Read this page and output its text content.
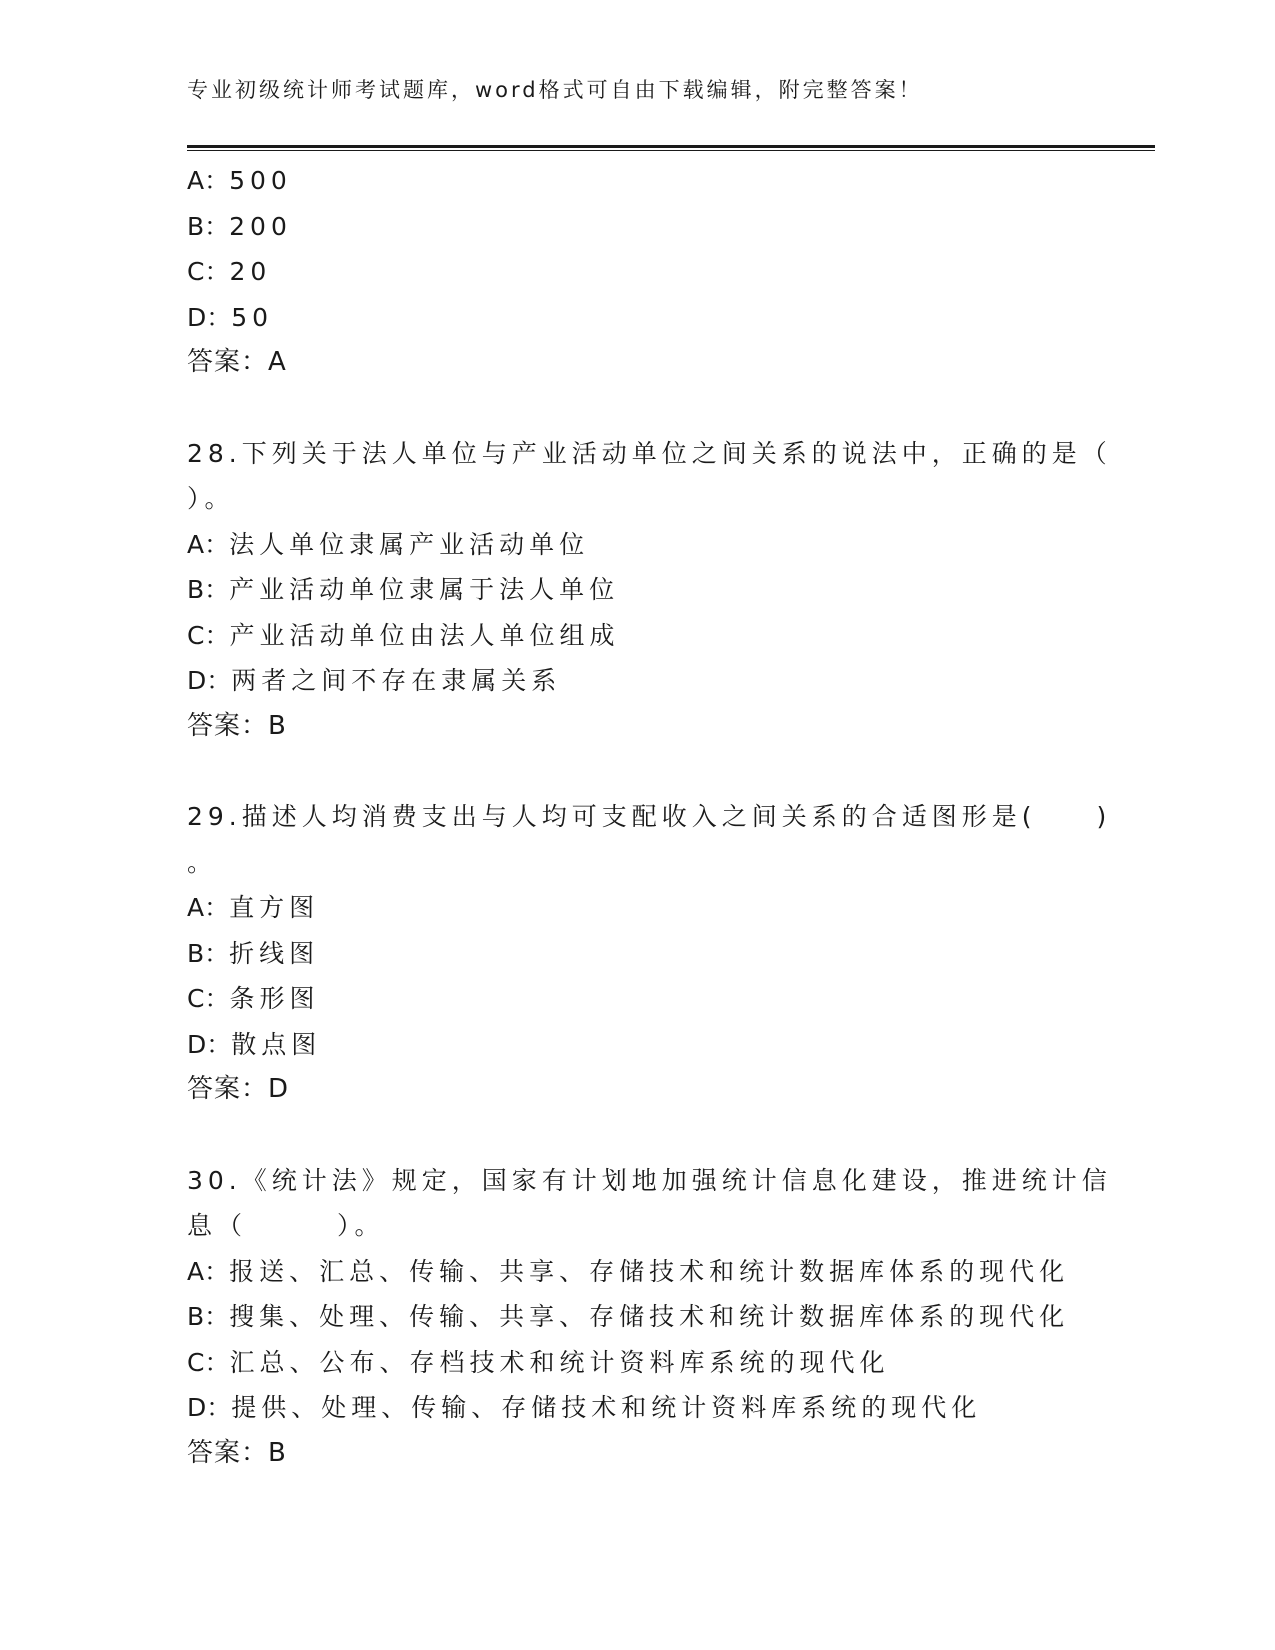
专业初级统计师考试题库，word格式可自由下载编辑，附完整答案！
A：500
B：200
C：20
D：50
答案：A
28.下列关于法人单位与产业活动单位之间关系的说法中，正确的是（
）。
A：法人单位隶属产业活动单位
B：产业活动单位隶属于法人单位
C：产业活动单位由法人单位组成
D：两者之间不存在隶属关系
答案：B
29.描述人均消费支出与人均可支配收入之间关系的合适图形是(　　)
。
A：直方图
B：折线图
C：条形图
D：散点图
答案：D
30.《统计法》规定，国家有计划地加强统计信息化建设，推进统计信
息（　　　）。
A：报送、汇总、传输、共享、存储技术和统计数据库体系的现代化
B：搜集、处理、传输、共享、存储技术和统计数据库体系的现代化
C：汇总、公布、存档技术和统计资料库系统的现代化
D：提供、处理、传输、存储技术和统计资料库系统的现代化
答案：B
